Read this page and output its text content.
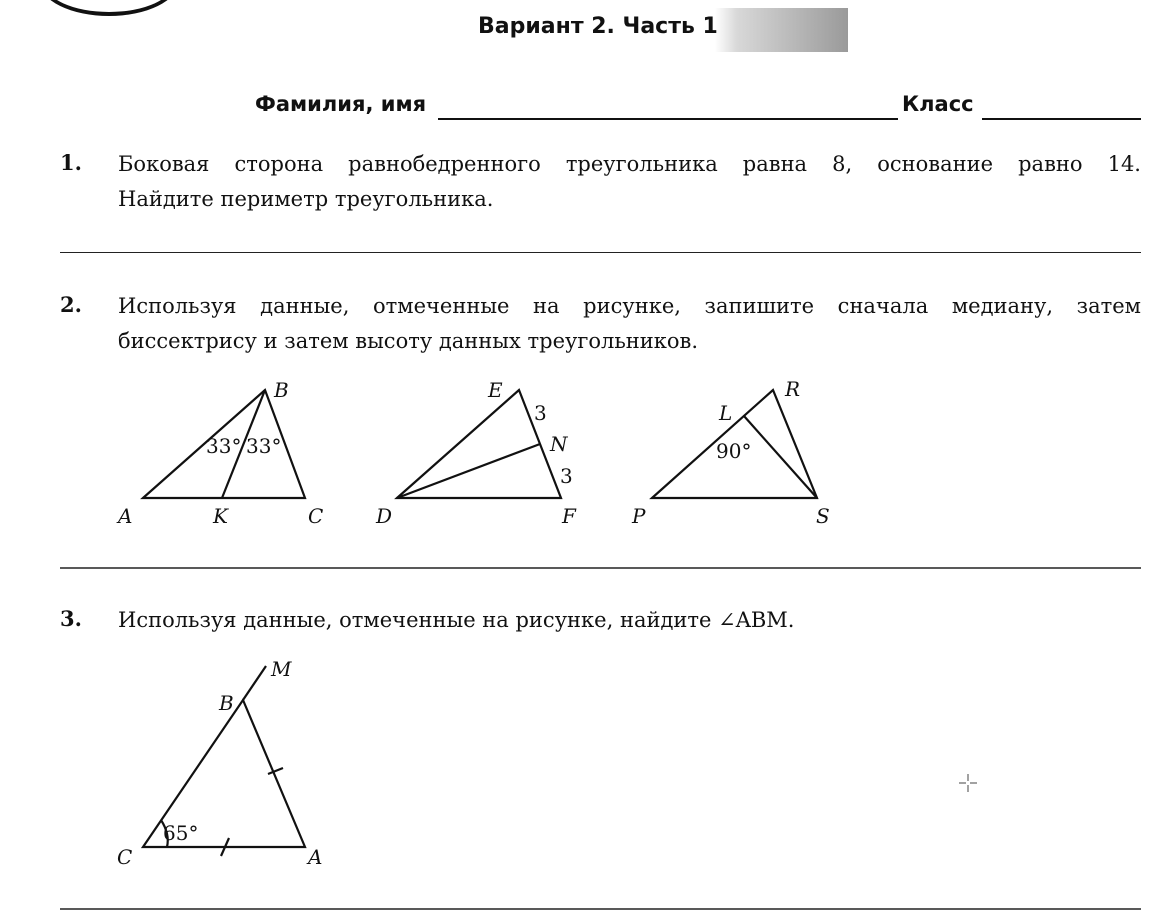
Вариант 2. Часть 1
Фамилия, имя	Класс
1. Боковая сторона равнобедренного треугольника равна 8, основание равно 14.

Найдите периметр треугольника.

2. Используя данные, отмеченные на рисунке, запишите сначала медиану, затем

биссектрису и затем высоту данных треугольников.

A
B
C
K
33° 33°
E
N
D	F
3
3
L
R
P	S
90°
M
B
C	A
65°
3. Используя данные, отмеченные на рисунке, найдите ∠ABM.
